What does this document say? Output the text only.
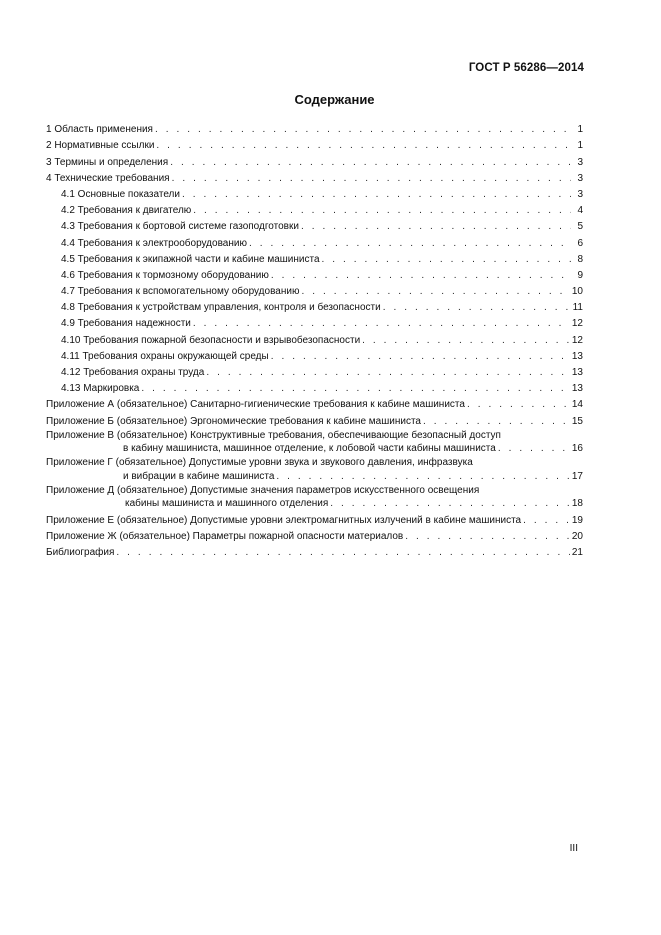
ГОСТ Р 56286—2014
Содержание
1 Область применения . . .	1
2 Нормативные ссылки . . .	1
3 Термины и определения . . .	3
4 Технические требования . . .	3
4.1 Основные показатели . . .	3
4.2 Требования к двигателю . . .	4
4.3 Требования к бортовой системе газоподготовки . . .	5
4.4 Требования к электрооборудованию . . .	6
4.5 Требования к экипажной части и кабине машиниста . . .	8
4.6 Требования к тормозному оборудованию . . .	9
4.7 Требования к вспомогательному оборудованию . . .	10
4.8 Требования к устройствам управления, контроля и безопасности . . .	11
4.9 Требования надежности . . .	12
4.10 Требования пожарной безопасности и взрывобезопасности . . .	12
4.11 Требования охраны окружающей среды . . .	13
4.12 Требования охраны труда . . .	13
4.13 Маркировка . . .	13
Приложение А (обязательное) Санитарно-гигиенические требования к кабине машиниста . . .	14
Приложение Б (обязательное) Эргономические требования к кабине машиниста . . .	15
Приложение В (обязательное) Конструктивные требования, обеспечивающие безопасный доступ
в кабину машиниста, машинное отделение, к лобовой части кабины машиниста . . .	16
Приложение Г (обязательное) Допустимые уровни звука и звукового давления, инфразвука
и вибрации в кабине машиниста . . .	17
Приложение Д (обязательное) Допустимые значения параметров искусственного освещения
кабины машиниста и машинного отделения . . .	18
Приложение Е (обязательное) Допустимые уровни электромагнитных излучений в кабине машиниста . . .	19
Приложение Ж (обязательное) Параметры пожарной опасности материалов . . .	20
Библиография . . .	21
III
